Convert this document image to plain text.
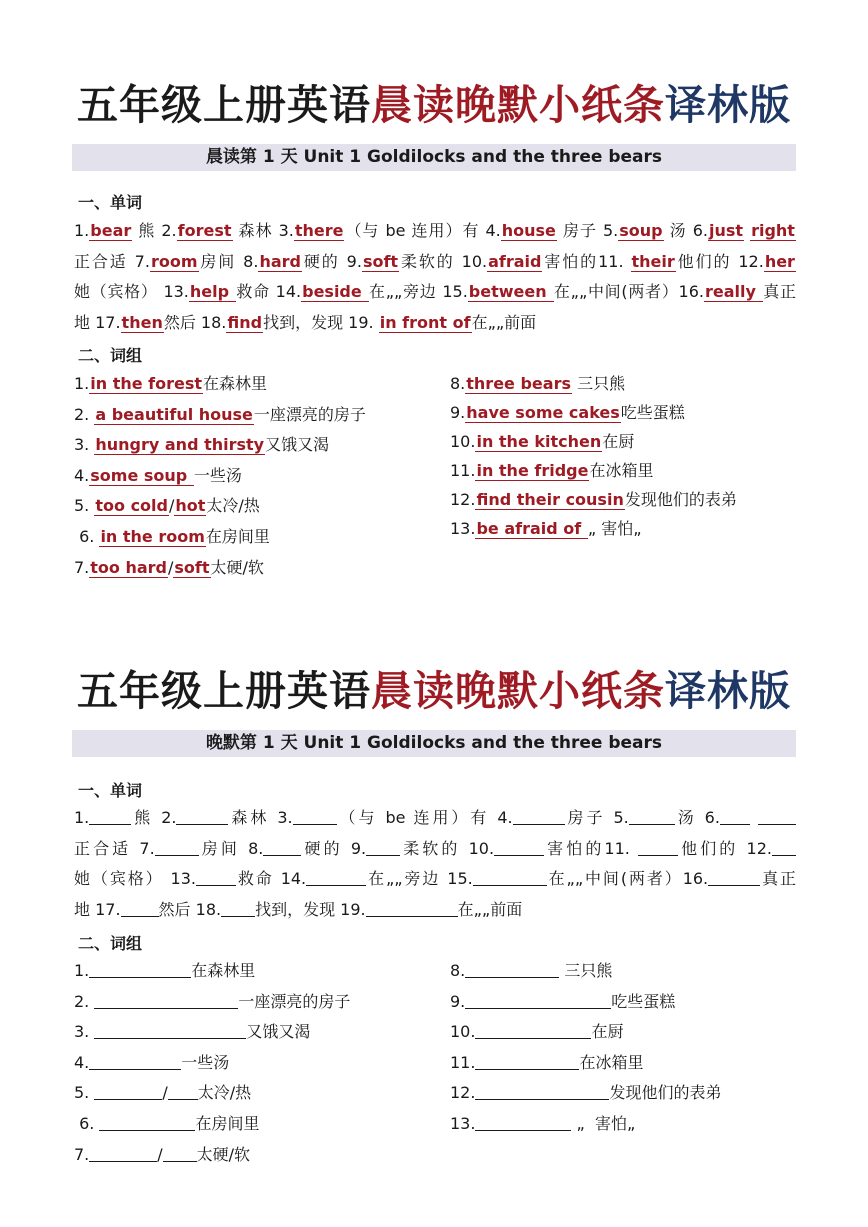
五年级上册英语晨读晚默小纸条译林版
晨读第 1 天 Unit 1 Goldilocks and the three bears
一、单词
1.bear 熊 2.forest 森林 3.there（与 be 连用）有 4.house 房子 5.soup 汤 6.just right
正合适 7.room房间 8.hard硬的 9.soft柔软的 10.afraid害怕的11. their他们的 12.her
她（宾格） 13.help 救命 14.beside 在„„旁边 15.between 在„„中间(两者）16.really 真正
地 17.then然后 18.find找到，发现 19. in front of在„„前面
二、词组
1.in the forest在森林里
2. a beautiful house一座漂亮的房子
3. hungry and thirsty又饿又渴
4.some soup 一些汤
5. too cold/hot太冷/热
6. in the room在房间里
7.too hard/soft太硬/软
8.three bears 三只熊
9.have some cakes吃些蛋糕
10.in the kitchen在厨
11.in the fridge在冰箱里
12.find their cousin发现他们的表弟
13.be afraid of „ 害怕„
五年级上册英语晨读晚默小纸条译林版
晚默第 1 天 Unit 1 Goldilocks and the three bears
一、单词
1.	熊 2.	森林 3.	（与 be 连用）有 4.	房子 5.	汤 6.
正合适 7.	房间 8. 硬的 9. 柔软的 10.	害怕的11.	他们的 12.
她（宾格） 13.	救命 14.	在„„旁边 15.	在„„中间(两者）16.	真正
地 17. 然后 18. 找到，发现 19.	在„„前面
二、词组
1.	在森林里
2.	一座漂亮的房子
3.	又饿又渴
4.	一些汤
5.	/ 太冷/热
6.	在房间里
7.	/ 太硬/软
8.	三只熊
9.	吃些蛋糕
10.	在厨
11.	在冰箱里
12.	发现他们的表弟
13.	„  害怕„
